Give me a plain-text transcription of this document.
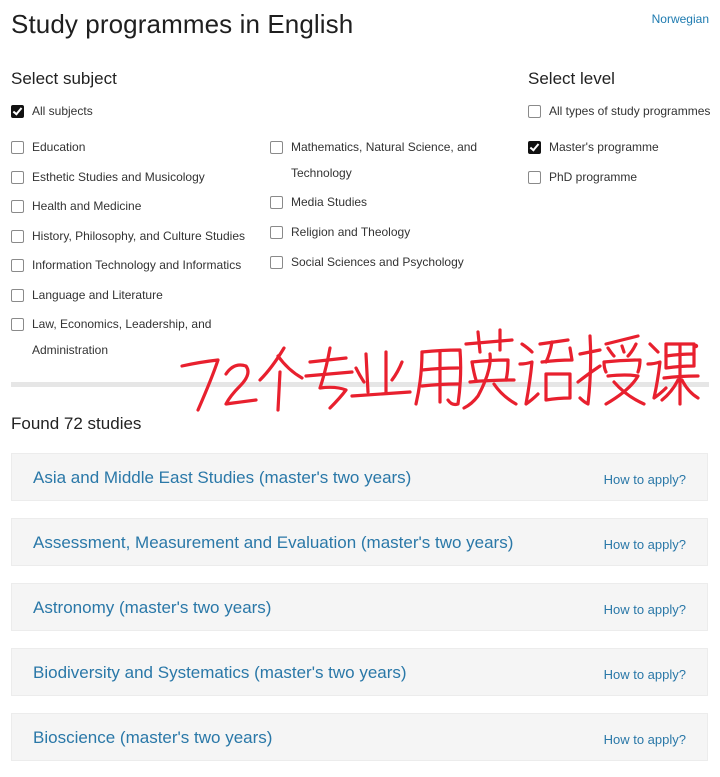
Study programmes in English	Norwegian
Select subject
All subjects
Education
Esthetic Studies and Musicology
Health and Medicine
History, Philosophy, and Culture Studies
Information Technology and Informatics
Language and Literature
Law, Economics, Leadership, and
Administration
Mathematics, Natural Science, and
Technology
Media Studies
Religion and Theology
Social Sciences and Psychology
Select level
All types of study programmes
Master's programme
PhD programme
Found 72 studies
Asia and Middle East Studies (master's two years)	How to apply?
Assessment, Measurement and Evaluation (master's two years)	How to apply?
Astronomy (master's two years)	How to apply?
Biodiversity and Systematics (master's two years)	How to apply?
Bioscience (master's two years)	How to apply?
